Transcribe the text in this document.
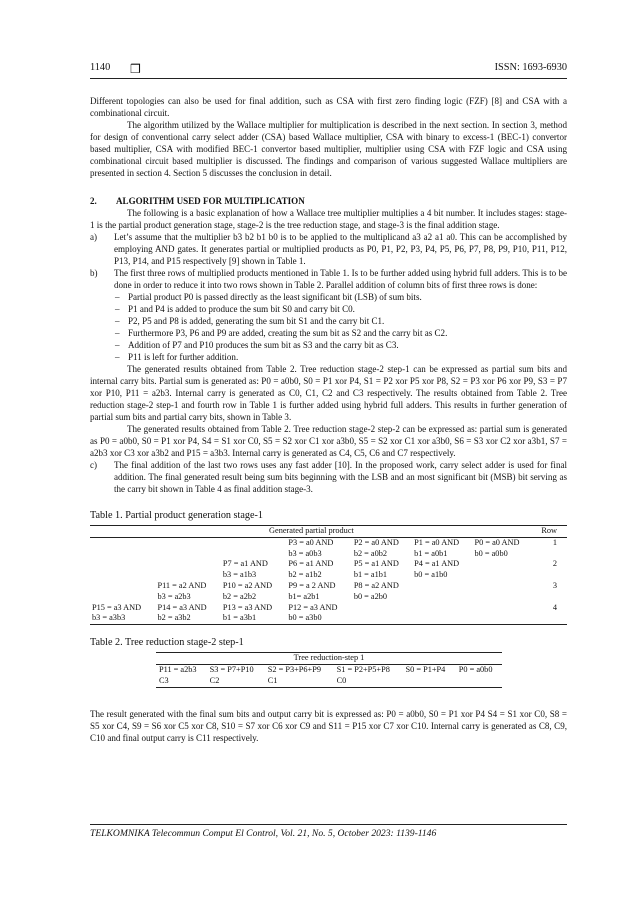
1140 ❒	ISSN: 1693-6930

Different topologies can also be used for final addition, such as CSA with first zero finding logic (FZF) [8] and CSA with a combinational circuit.

The algorithm utilized by the Wallace multiplier for multiplication is described in the next section. In section 3, method for design of conventional carry select adder (CSA) based Wallace multiplier, CSA with binary to excess-1 (BEC-1) convertor based multiplier, CSA with modified BEC-1 convertor based multiplier, multiplier using CSA with FZF logic and CSA using combinational circuit based multiplier is discussed. The findings and comparison of various suggested Wallace multipliers are presented in section 4. Section 5 discusses the conclusion in detail.

2. ALGORITHM USED FOR MULTIPLICATION

The following is a basic explanation of how a Wallace tree multiplier multiplies a 4 bit number. It includes stages: stage-1 is the partial product generation stage, stage-2 is the tree reduction stage, and stage-3 is the final addition stage.

a) Let’s assume that the multiplier b3 b2 b1 b0 is to be applied to the multiplicand a3 a2 a1 a0. This can be accomplished by employing AND gates. It generates partial or multiplied products as P0, P1, P2, P3, P4, P5, P6, P7, P8, P9, P10, P11, P12, P13, P14, and P15 respectively [9] shown in Table 1.
b) The first three rows of multiplied products mentioned in Table 1. Is to be further added using hybrid full adders. This is to be done in order to reduce it into two rows shown in Table 2. Parallel addition of column bits of first three rows is done:
– Partial product P0 is passed directly as the least significant bit (LSB) of sum bits.
– P1 and P4 is added to produce the sum bit S0 and carry bit C0.
– P2, P5 and P8 is added, generating the sum bit S1 and the carry bit C1.
– Furthermore P3, P6 and P9 are added, creating the sum bit as S2 and the carry bit as C2.
– Addition of P7 and P10 produces the sum bit as S3 and the carry bit as C3.
– P11 is left for further addition.

The generated results obtained from Table 2. Tree reduction stage-2 step-1 can be expressed as partial sum bits and internal carry bits. Partial sum is generated as: P0 = a0b0, S0 = P1 xor P4, S1 = P2 xor P5 xor P8, S2 = P3 xor P6 xor P9, S3 = P7 xor P10, P11 = a2b3. Internal carry is generated as C0, C1, C2 and C3 respectively. The results obtained from Table 2. Tree reduction stage-2 step-1 and fourth row in Table 1 is further added using hybrid full adders. This results in further generation of partial sum bits and partial carry bits, shown in Table 3.

The generated results obtained from Table 2. Tree reduction stage-2 step-2 can be expressed as: partial sum is generated as P0 = a0b0, S0 = P1 xor P4, S4 = S1 xor C0, S5 = S2 xor C1 xor a3b0, S5 = S2 xor C1 xor a3b0, S6 = S3 xor C2 xor a3b1, S7 = a2b3 xor C3 xor a3b2 and P15 = a3b3. Internal carry is generated as C4, C5, C6 and C7 respectively.

c) The final addition of the last two rows uses any fast adder [10]. In the proposed work, carry select adder is used for final addition. The final generated result being sum bits beginning with the LSB and an most significant bit (MSB) bit serving as the carry bit shown in Table 4 as final addition stage-3.

Table 1. Partial product generation stage-1

Generated partial product							Row
			P3 = a0 AND	P2 = a0 AND	P1 = a0 AND	P0 = a0 AND	1
			b3 = a0b3	b2 = a0b2	b1 = a0b1	b0 = a0b0	
		P7 = a1 AND	P6 = a1 AND	P5 = a1 AND	P4 = a1 AND		2
		b3 = a1b3	b2 = a1b2	b1 = a1b1	b0 = a1b0		
	P11 = a2 AND	P10 = a2 AND	P9 = a 2 AND	P8 = a2 AND			3
	b3 = a2b3	b2 = a2b2	b1= a2b1	b0 = a2b0			
P15 = a3 AND	P14 = a3 AND	P13 = a3 AND	P12 = a3 AND				4
b3 = a3b3	b2 = a3b2	b1 = a3b1	b0 = a3b0				

Table 2. Tree reduction stage-2 step-1

Tree reduction-step 1					
P11 = a2b3	S3 = P7+P10	S2 = P3+P6+P9	S1 = P2+P5+P8	S0 = P1+P4	P0 = a0b0
C3	C2	C1	C0		

The result generated with the final sum bits and output carry bit is expressed as: P0 = a0b0, S0 = P1 xor P4 S4 = S1 xor C0, S8 = S5 xor C4, S9 = S6 xor C5 xor C8, S10 = S7 xor C6 xor C9 and S11 = P15 xor C7 xor C10. Internal carry is generated as C8, C9, C10 and final output carry is C11 respectively.

TELKOMNIKA Telecommun Comput El Control, Vol. 21, No. 5, October 2023: 1139-1146
